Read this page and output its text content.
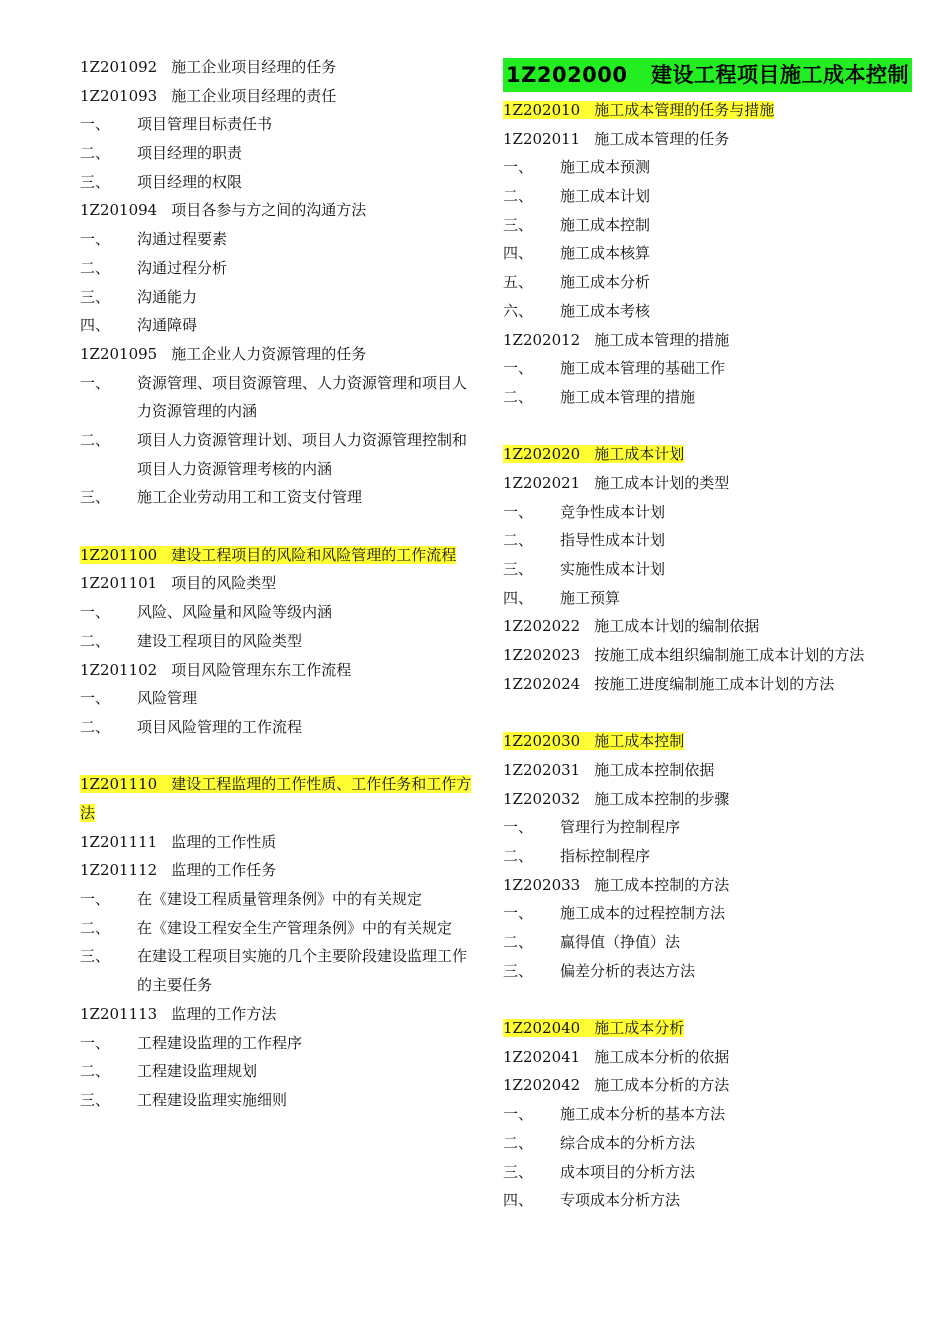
1Z201092 施工企业项目经理的任务
1Z201093 施工企业项目经理的责任
一、 项目管理目标责任书
二、 项目经理的职责
三、 项目经理的权限
1Z201094 项目各参与方之间的沟通方法
一、 沟通过程要素
二、 沟通过程分析
三、 沟通能力
四、 沟通障碍
1Z201095 施工企业人力资源管理的任务
一、	资源管理、项目资源管理、人力资源管理和项目人力资源管理的内涵
二、	项目人力资源管理计划、项目人力资源管理控制和项目人力资源管理考核的内涵
三、 施工企业劳动用工和工资支付管理
1Z201100 建设工程项目的风险和风险管理的工作流程
1Z201101 项目的风险类型
一、 风险、风险量和风险等级内涵
二、 建设工程项目的风险类型
1Z201102 项目风险管理东东工作流程
一、 风险管理
二、 项目风险管理的工作流程
1Z201110 建设工程监理的工作性质、工作任务和工作方法
1Z201111 监理的工作性质
1Z201112 监理的工作任务
一、 在《建设工程质量管理条例》中的有关规定
二、	在《建设工程安全生产管理条例》中的有关规定
三、	在建设工程项目实施的几个主要阶段建设监理工作的主要任务
1Z201113 监理的工作方法
一、 工程建设监理的工作程序
二、 工程建设监理规划
三、 工程建设监理实施细则
1Z202000 建设工程项目施工成本控制
1Z202010 施工成本管理的任务与措施
1Z202011 施工成本管理的任务
一、 施工成本预测
二、 施工成本计划
三、 施工成本控制
四、 施工成本核算
五、 施工成本分析
六、 施工成本考核
1Z202012 施工成本管理的措施
一、 施工成本管理的基础工作
二、 施工成本管理的措施
1Z202020 施工成本计划
1Z202021 施工成本计划的类型
一、 竞争性成本计划
二、 指导性成本计划
三、 实施性成本计划
四、 施工预算
1Z202022 施工成本计划的编制依据
1Z202023 按施工成本组织编制施工成本计划的方法
1Z202024 按施工进度编制施工成本计划的方法
1Z202030 施工成本控制
1Z202031 施工成本控制依据
1Z202032 施工成本控制的步骤
一、 管理行为控制程序
二、 指标控制程序
1Z202033 施工成本控制的方法
一、 施工成本的过程控制方法
二、 赢得值（挣值）法
三、 偏差分析的表达方法
1Z202040 施工成本分析
1Z202041 施工成本分析的依据
1Z202042 施工成本分析的方法
一、 施工成本分析的基本方法
二、 综合成本的分析方法
三、 成本项目的分析方法
四、 专项成本分析方法
